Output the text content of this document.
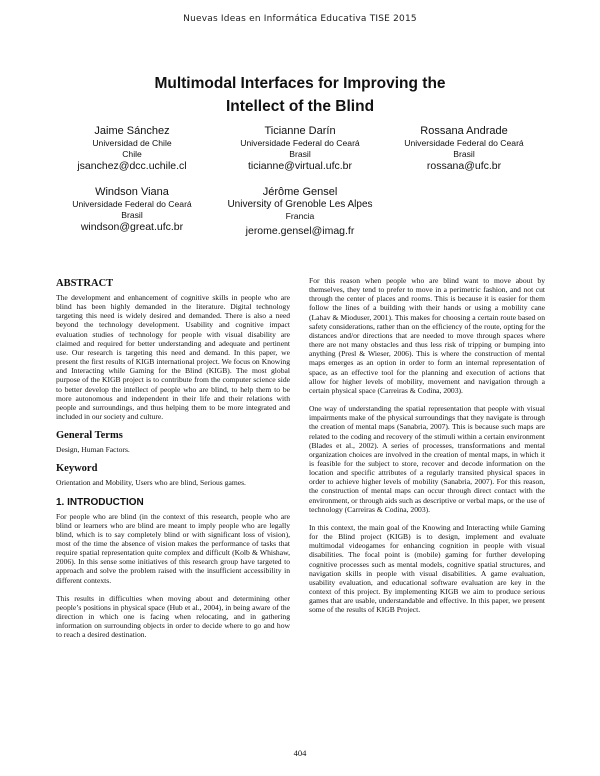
Nuevas Ideas en Informática Educativa TISE 2015
Multimodal Interfaces for Improving the
Intellect of the Blind
Jaime Sánchez
Universidad de Chile
Chile
jsanchez@dcc.uchile.cl
Ticianne Darín
Universidade Federal do Ceará
Brasil
ticianne@virtual.ufc.br
Rossana Andrade
Universidade Federal do Ceará
Brasil
rossana@ufc.br
Windson Viana
Universidade Federal do Ceará
Brasil
windson@great.ufc.br
Jérôme Gensel
University of Grenoble Les Alpes
Francia
jerome.gensel@imag.fr
ABSTRACT

The development and enhancement of cognitive skills in people who are blind has been highly demanded in the literature. Digital technology targeting this need is widely desired and demanded. There is also a need beyond the technology development. Usability and cognitive impact evaluation studies of technology for people with visual disability are claimed and required for better understanding and adequate and pertinent use. Our research is targeting this need and demand. In this paper, we present the first results of KIGB international project. We focus on Knowing and Interacting while Gaming for the Blind (KIGB). The most global purpose of the KIGB project is to contribute from the computer science side to better develop the intellect of people who are blind, to help them to be more autonomous and independent in their life and their relations with people and surroundings, and thus helping them to be more integrated and included in our society and culture.

General Terms

Design, Human Factors.

Keyword

Orientation and Mobility, Users who are blind, Serious games.

1. INTRODUCTION

For people who are blind (in the context of this research, people who are blind or learners who are blind are meant to imply people who are legally blind, which is to say completely blind or with significant loss of vision), most of the time the absence of vision makes the performance of tasks that require spatial representation quite complex and difficult (Kolb & Whishaw, 2006). In this sense some initiatives of this research group have targeted to approach and solve the problem raised with the insufficient accessibility in different contexts.

This results in difficulties when moving about and determining other people’s positions in physical space (Hub et al., 2004), in being aware of the direction in which one is facing when relocating, and in gathering information on surrounding objects in order to decide where to go and how to reach a desired destination.

For this reason when people who are blind want to move about by themselves, they tend to prefer to move in a perimetric fashion, and not cut through the center of places and rooms. This is because it is easier for them follow the lines of a building with their hands or using a mobility cane (Lahav & Mioduser, 2001). This makes for choosing a certain route based on safety considerations, rather than on the efficiency of the route, opting for the distances and/or directions that are needed to move through spaces where there are not many obstacles and thus less risk of tripping or bumping into anything (Presl & Wieser, 2006). This is where the construction of mental maps emerges as an option in order to form an internal representation of space, as an effective tool for the planning and execution of actions that allow for higher levels of mobility, movement and navigation through a certain physical space (Carreiras & Codina, 2003).

One way of understanding the spatial representation that people with visual impairments make of the physical surroundings that they navigate is through the creation of mental maps (Sanabria, 2007). This is because such maps are related to the coding and recovery of the stimuli within a certain environment (Blades et al., 2002). A series of processes, transformations and mental organization choices are involved in the creation of mental maps, in which it is feasible for the subject to store, recover and decode information on the location and specific attributes of a regularly transited physical spaces in order to achieve higher levels of mobility (Sanabria, 2007). For this reason, the construction of mental maps can occur through direct contact with the environment, or through aids such as descriptive or verbal maps, or the use of technology (Carreiras & Codina, 2003).

In this context, the main goal of the Knowing and Interacting while Gaming for the Blind project (KIGB) is to design, implement and evaluate multimodal videogames for enhancing cognition in people with visual disabilities. The focal point is (mobile) gaming for further developing cognitive processes such as mental models, cognitive spatial structures, and navigation skills in people with visual disabilities. A game evaluation, usability evaluation, and educational software evaluation are key in the context of this project. By implementing KIGB we aim to produce serious games that are usable, understandable and effective. In this paper, we present some of the results of KIGB Project.

404
